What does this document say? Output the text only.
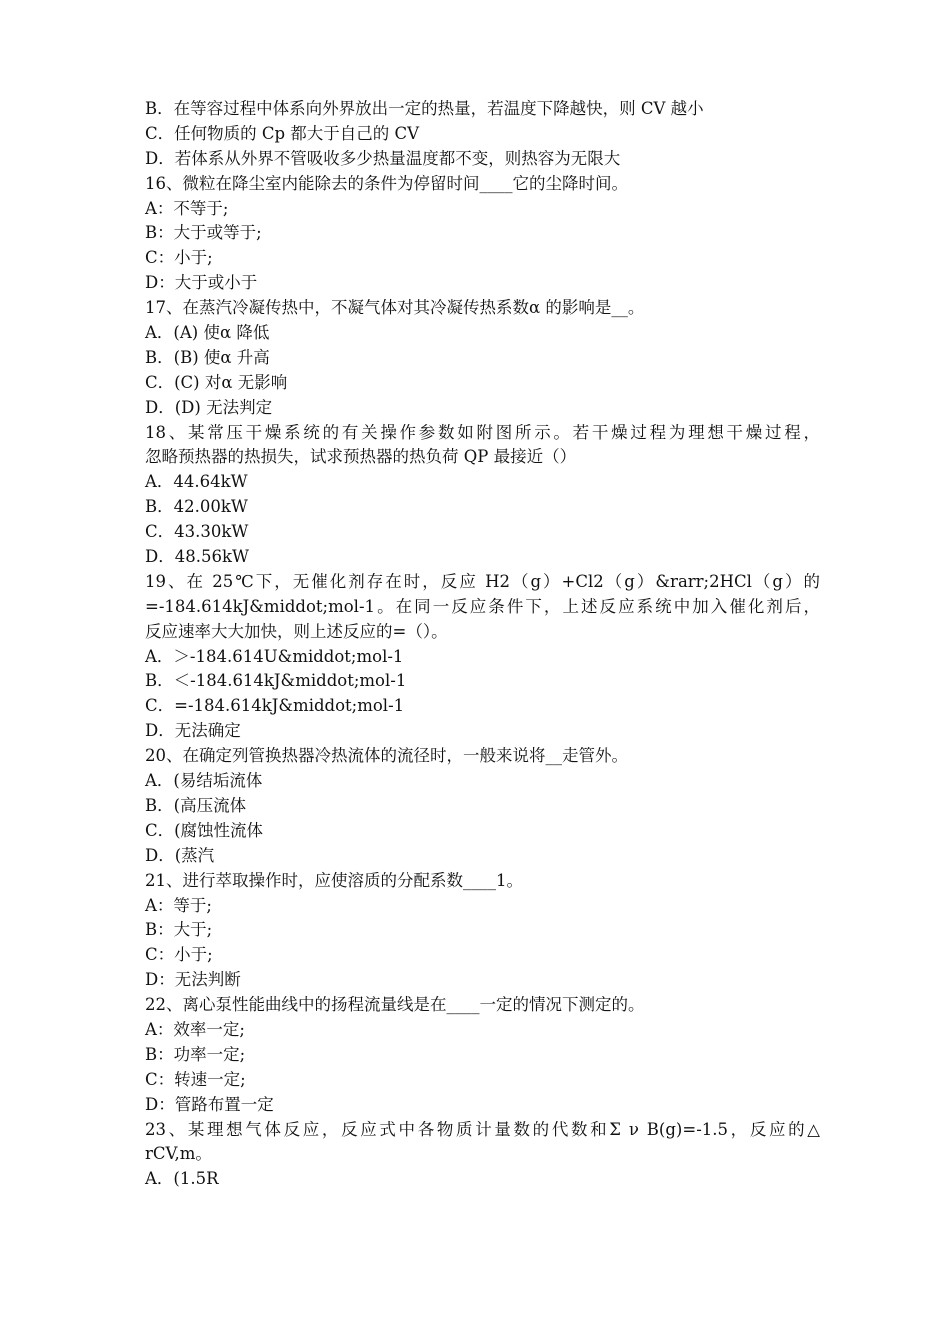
B．在等容过程中体系向外界放出一定的热量，若温度下降越快，则 CV 越小
C．任何物质的 Cp 都大于自己的 CV
D．若体系从外界不管吸收多少热量温度都不变，则热容为无限大
16、微粒在降尘室内能除去的条件为停留时间____它的尘降时间。
A：不等于;
B：大于或等于;
C：小于;
D：大于或小于
17、在蒸汽冷凝传热中，不凝气体对其冷凝传热系数α 的影响是__。
A．(A) 使α 降低
B．(B) 使α 升高
C．(C) 对α 无影响
D．(D) 无法判定
18、某常压干燥系统的有关操作参数如附图所示。若干燥过程为理想干燥过程，
忽略预热器的热损失，试求预热器的热负荷 QP 最接近（）
A．44.64kW
B．42.00kW
C．43.30kW
D．48.56kW
19、在 25℃下，无催化剂存在时，反应 H2（g）+Cl2（g）&rarr;2HCl（g）的
=-184.614kJ&middot;mol-1。在同一反应条件下，上述反应系统中加入催化剂后，
反应速率大大加快，则上述反应的=（）。
A．＞-184.614U&middot;mol-1
B．＜-184.614kJ&middot;mol-1
C．=-184.614kJ&middot;mol-1
D．无法确定
20、在确定列管换热器冷热流体的流径时，一般来说将__走管外。
A．(易结垢流体
B．(高压流体
C．(腐蚀性流体
D．(蒸汽
21、进行萃取操作时，应使溶质的分配系数____1。
A：等于;
B：大于;
C：小于;
D：无法判断
22、离心泵性能曲线中的扬程流量线是在____一定的情况下测定的。
A：效率一定;
B：功率一定;
C：转速一定;
D：管路布置一定
23、某理想气体反应，反应式中各物质计量数的代数和Σ ν B(g)=-1.5，反应的△
rCV,m。
A．(1.5R
